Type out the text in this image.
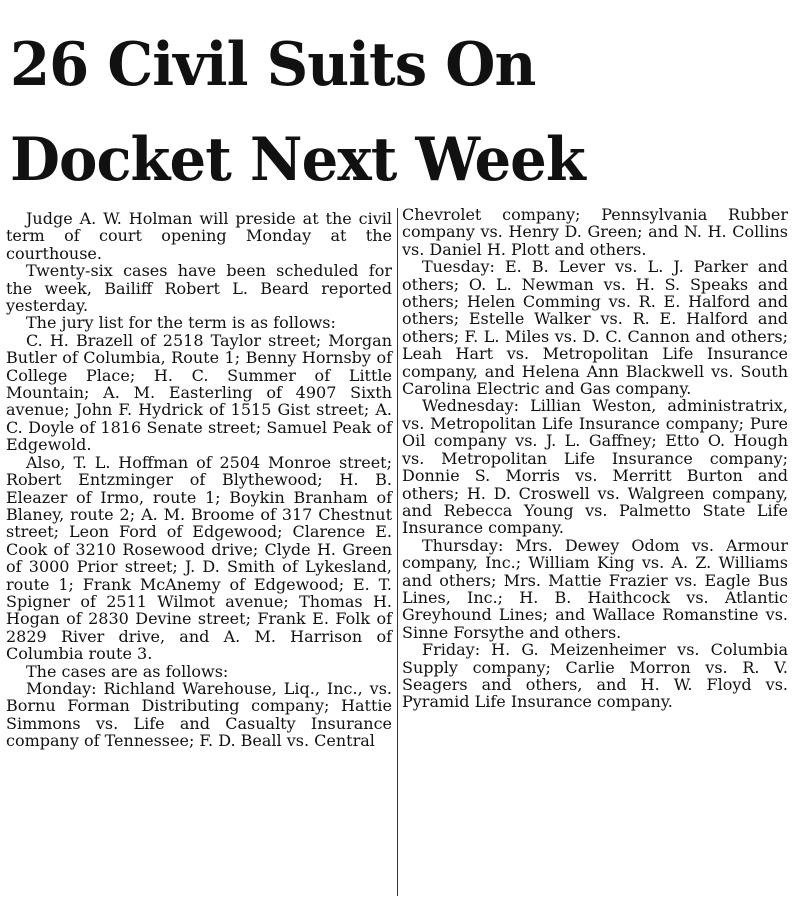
26 Civil Suits On
Docket Next Week

Judge A. W. Holman will preside at the civil term of court opening Monday at the courthouse.

Twenty-six cases have been scheduled for the week, Bailiff Robert L. Beard reported yesterday.

The jury list for the term is as follows:

C. H. Brazell of 2518 Taylor street; Morgan Butler of Columbia, Route 1; Benny Hornsby of College Place; H. C. Summer of Little Mountain; A. M. Easterling of 4907 Sixth avenue; John F. Hydrick of 1515 Gist street; A. C. Doyle of 1816 Senate street; Samuel Peak of Edgewold.

Also, T. L. Hoffman of 2504 Monroe street; Robert Entzminger of Blythewood; H. B. Eleazer of Irmo, route 1; Boykin Branham of Blaney, route 2; A. M. Broome of 317 Chestnut street; Leon Ford of Edgewood; Clarence E. Cook of 3210 Rosewood drive; Clyde H. Green of 3000 Prior street; J. D. Smith of Lykesland, route 1; Frank McAnemy of Edgewood; E. T. Spigner of 2511 Wilmot avenue; Thomas H. Hogan of 2830 Devine street; Frank E. Folk of 2829 River drive, and A. M. Harrison of Columbia route 3.

The cases are as follows:

Monday: Richland Warehouse, Liq., Inc., vs. Bornu Forman Distributing company; Hattie Simmons vs. Life and Casualty Insurance company of Tennessee; F. D. Beall vs. Central

Chevrolet company; Pennsylvania Rubber company vs. Henry D. Green; and N. H. Collins vs. Daniel H. Plott and others.

Tuesday: E. B. Lever vs. L. J. Parker and others; O. L. Newman vs. H. S. Speaks and others; Helen Comming vs. R. E. Halford and others; Estelle Walker vs. R. E. Halford and others; F. L. Miles vs. D. C. Cannon and others; Leah Hart vs. Metropolitan Life Insurance company, and Helena Ann Blackwell vs. South Carolina Electric and Gas company.

Wednesday: Lillian Weston, administratrix, vs. Metropolitan Life Insurance company; Pure Oil company vs. J. L. Gaffney; Etto O. Hough vs. Metropolitan Life Insurance company; Donnie S. Morris vs. Merritt Burton and others; H. D. Croswell vs. Walgreen company, and Rebecca Young vs. Palmetto State Life Insurance company.

Thursday: Mrs. Dewey Odom vs. Armour company, Inc.; William King vs. A. Z. Williams and others; Mrs. Mattie Frazier vs. Eagle Bus Lines, Inc.; H. B. Haithcock vs. Atlantic Greyhound Lines; and Wallace Romanstine vs. Sinne Forsythe and others.

Friday: H. G. Meizenheimer vs. Columbia Supply company; Carlie Morron vs. R. V. Seagers and others, and H. W. Floyd vs. Pyramid Life Insurance company.
